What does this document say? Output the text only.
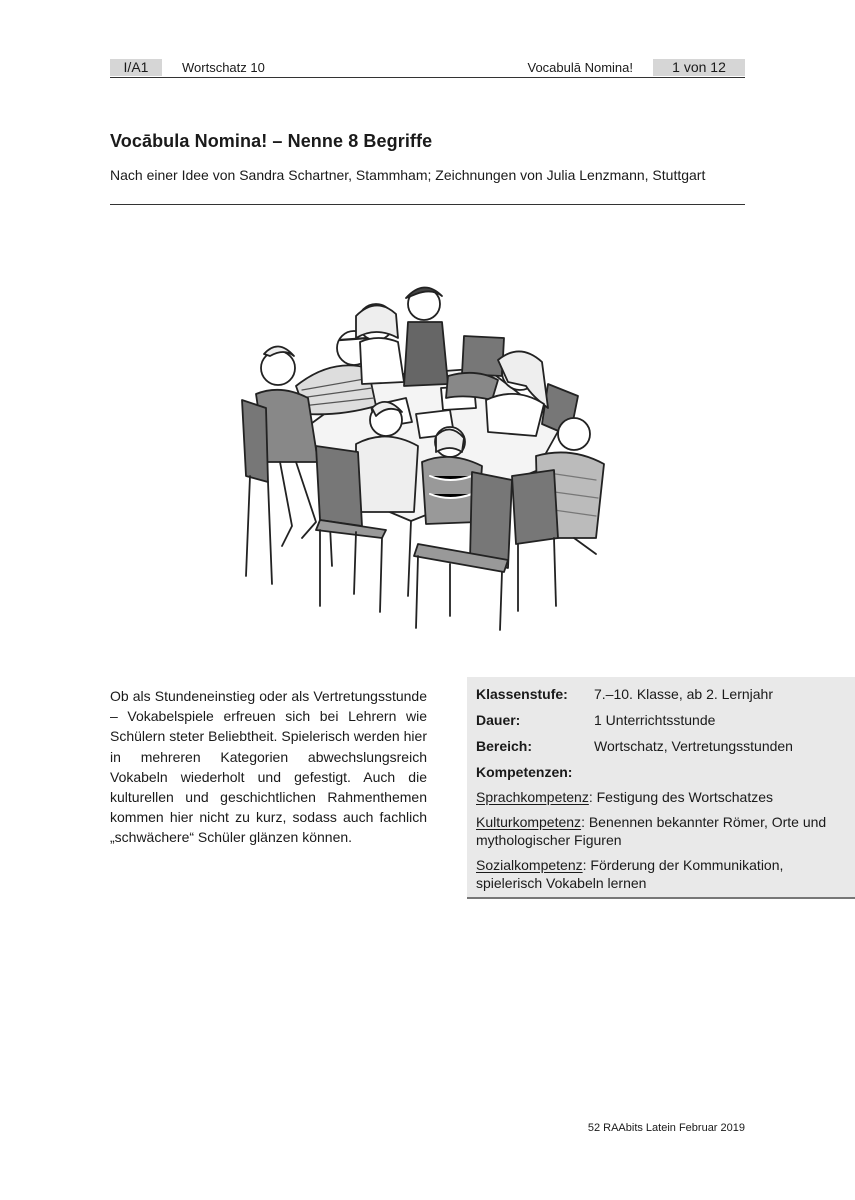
I/A1	Wortschatz 10	Vocabulā Nomina!	1 von 12
Vocābula Nomina! – Nenne 8 Begriffe
Nach einer Idee von Sandra Schartner, Stammham; Zeichnungen von Julia Lenzmann, Stuttgart
Ob als Stundeneinstieg oder als Vertretungsstunde – Vokabelspiele erfreuen sich bei Lehrern wie Schülern steter Beliebtheit. Spielerisch werden hier in mehreren Kategorien abwechslungsreich Vokabeln wiederholt und gefestigt. Auch die kulturellen und geschichtlichen Rahmenthemen kommen hier nicht zu kurz, sodass auch fachlich „schwächere“ Schüler glänzen können.
Klassenstufe: 7.–10. Klasse, ab 2. Lernjahr
Dauer:	1 Unterrichtsstunde
Bereich:	Wortschatz, Vertretungsstunden
Kompetenzen:
Sprachkompetenz: Festigung des Wortschatzes
Kulturkompetenz: Benennen bekannter Römer, Orte und mythologischer Figuren
Sozialkompetenz: Förderung der Kommunikation, spielerisch Vokabeln lernen
52 RAAbits Latein Februar 2019
